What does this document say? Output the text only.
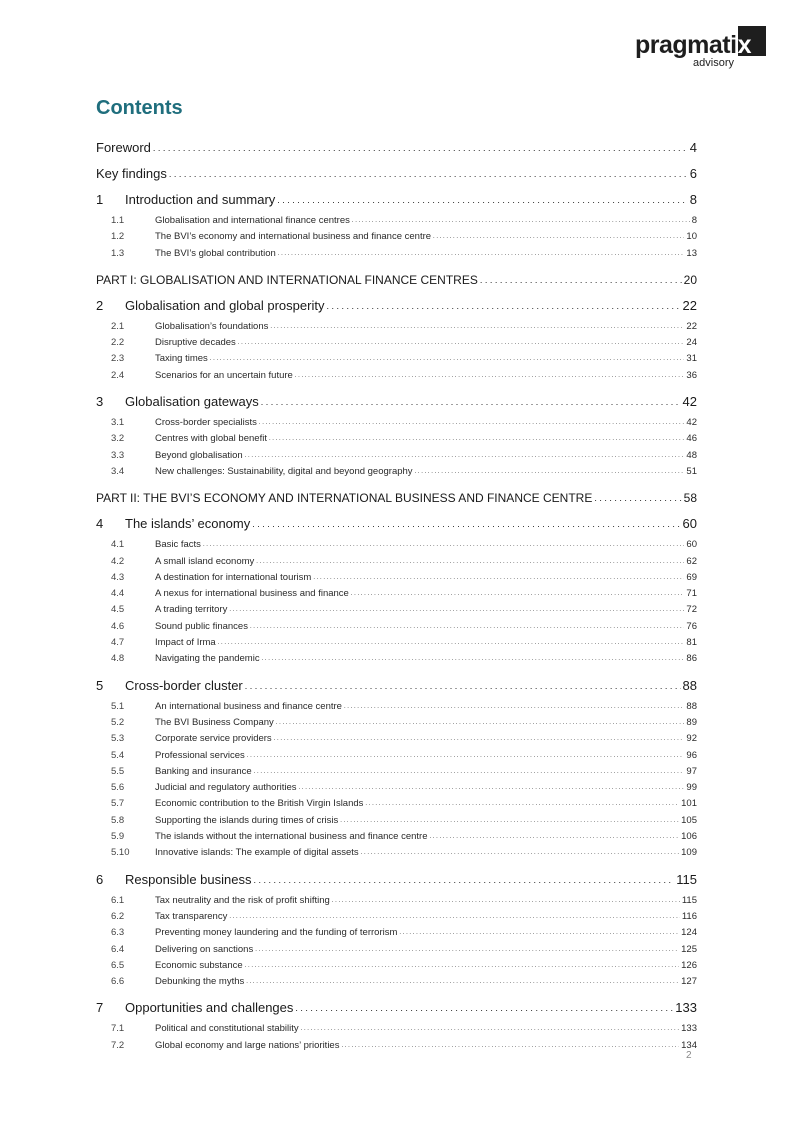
pragmatix
advisory
Contents
Foreword . . .	4
Key findings . . .	6
1	Introduction and summary . . .	8
1.1	Globalisation and international finance centres . . .	8
1.2	The BVI’s economy and international business and finance centre . . .	10
1.3	The BVI’s global contribution . . .	13
PART I: GLOBALISATION AND INTERNATIONAL FINANCE CENTRES . . .	20
2	Globalisation and global prosperity . . .	22
2.1	Globalisation’s foundations . . .	22
2.2	Disruptive decades . . .	24
2.3	Taxing times . . .	31
2.4	Scenarios for an uncertain future . . .	36
3	Globalisation gateways . . .	42
3.1	Cross-border specialists . . .	42
3.2	Centres with global benefit . . .	46
3.3	Beyond globalisation . . .	48
3.4	New challenges: Sustainability, digital and beyond geography . . .	51
PART II: THE BVI’S ECONOMY AND INTERNATIONAL BUSINESS AND FINANCE CENTRE . . .	58
4	The islands’ economy . . .	60
4.1	Basic facts . . .	60
4.2	A small island economy . . .	62
4.3	A destination for international tourism . . .	69
4.4	A nexus for international business and finance . . .	71
4.5	A trading territory . . .	72
4.6	Sound public finances . . .	76
4.7	Impact of Irma . . .	81
4.8	Navigating the pandemic . . .	86
5	Cross-border cluster . . .	88
5.1	An international business and finance centre . . .	88
5.2	The BVI Business Company . . .	89
5.3	Corporate service providers . . .	92
5.4	Professional services . . .	96
5.5	Banking and insurance . . .	97
5.6	Judicial and regulatory authorities . . .	99
5.7	Economic contribution to the British Virgin Islands . . .	101
5.8	Supporting the islands during times of crisis . . .	105
5.9	The islands without the international business and finance centre . . .	106
5.10	Innovative islands: The example of digital assets . . .	109
6	Responsible business . . .	115
6.1	Tax neutrality and the risk of profit shifting . . .	115
6.2	Tax transparency . . .	116
6.3	Preventing money laundering and the funding of terrorism . . .	124
6.4	Delivering on sanctions . . .	125
6.5	Economic substance . . .	126
6.6	Debunking the myths . . .	127
7	Opportunities and challenges . . .	133
7.1	Political and constitutional stability . . .	133
7.2	Global economy and large nations’ priorities . . .	134
2
